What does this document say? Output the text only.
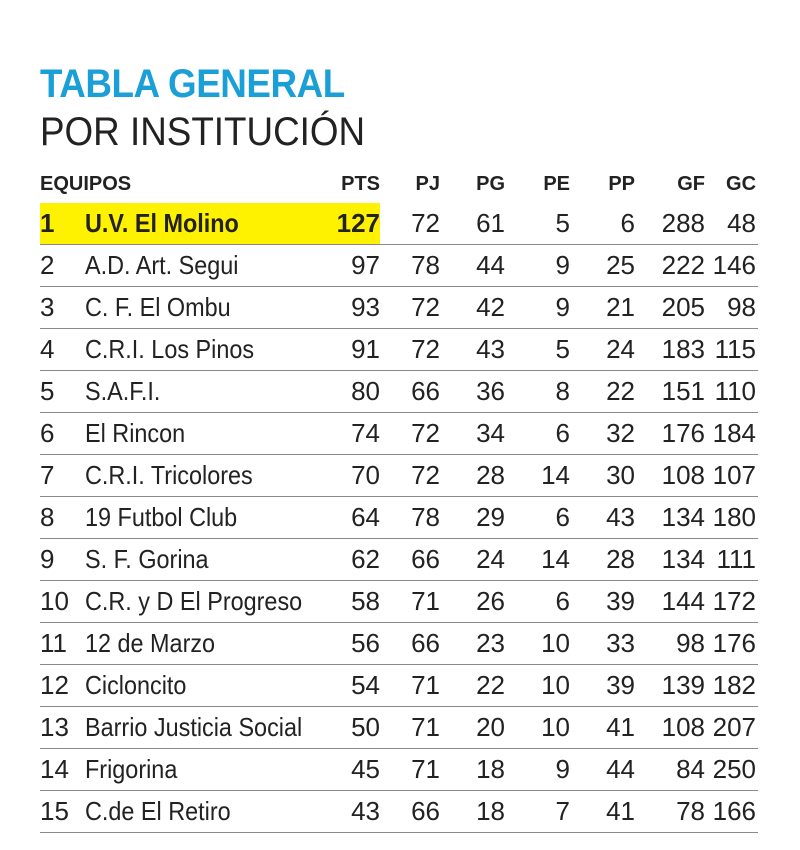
TABLA GENERAL
POR INSTITUCIÓN
EQUIPOS		PTS	PJ	PG	PE	PP	GF	GC
1	U.V. El Molino	127	72	61	5	6	288	48
2	A.D. Art. Segui	97	78	44	9	25	222	146
3	C. F. El Ombu	93	72	42	9	21	205	98
4	C.R.I. Los Pinos	91	72	43	5	24	183	115
5	S.A.F.I.	80	66	36	8	22	151	110
6	El Rincon	74	72	34	6	32	176	184
7	C.R.I. Tricolores	70	72	28	14	30	108	107
8	19 Futbol Club	64	78	29	6	43	134	180
9	S. F. Gorina	62	66	24	14	28	134	111
10	C.R. y D El Progreso	58	71	26	6	39	144	172
11	12 de Marzo	56	66	23	10	33	98	176
12	Cicloncito	54	71	22	10	39	139	182
13	Barrio Justicia Social	50	71	20	10	41	108	207
14	Frigorina	45	71	18	9	44	84	250
15	C.de El Retiro	43	66	18	7	41	78	166
